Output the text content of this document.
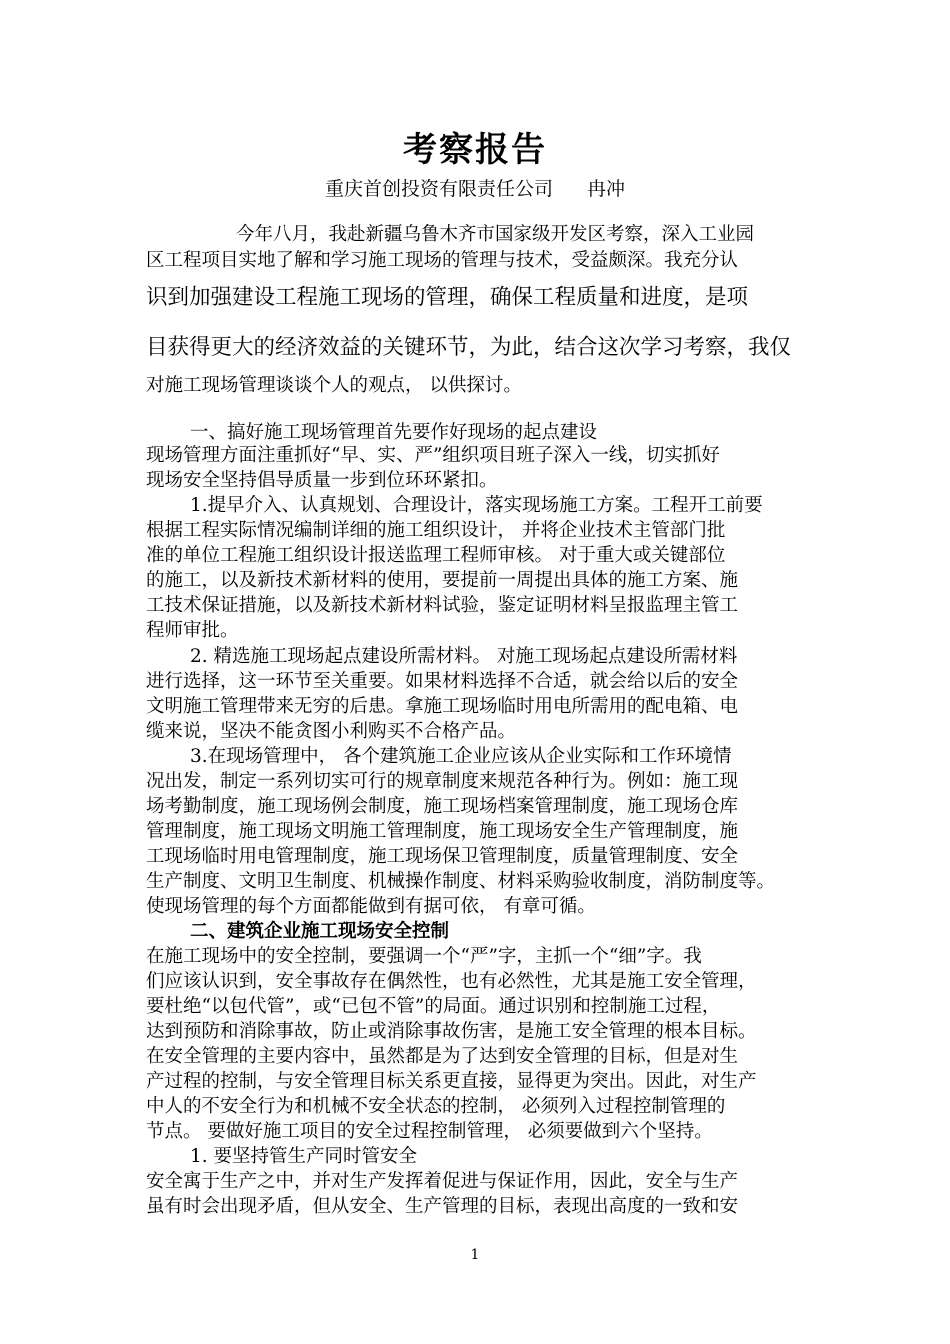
考察报告
重庆首创投资有限责任公司 冉冲
今年八月，我赴新疆乌鲁木齐市国家级开发区考察，深入工业园
区工程项目实地了解和学习施工现场的管理与技术，受益颇深。我充分认
识到加强建设工程施工现场的管理，确保工程质量和进度，是项
目获得更大的经济效益的关键环节，为此，结合这次学习考察，我仅
对施工现场管理谈谈个人的观点， 以供探讨。
一、搞好施工现场管理首先要作好现场的起点建设
现场管理方面注重抓好“早、实、严”组织项目班子深入一线，切实抓好
现场安全坚持倡导质量一步到位环环紧扣。
1.提早介入、认真规划、合理设计，落实现场施工方案。工程开工前要
根据工程实际情况编制详细的施工组织设计， 并将企业技术主管部门批
准的单位工程施工组织设计报送监理工程师审核。 对于重大或关键部位
的施工，以及新技术新材料的使用，要提前一周提出具体的施工方案、施
工技术保证措施，以及新技术新材料试验，鉴定证明材料呈报监理主管工
程师审批。
2. 精选施工现场起点建设所需材料。 对施工现场起点建设所需材料
进行选择，这一环节至关重要。如果材料选择不合适，就会给以后的安全
文明施工管理带来无穷的后患。拿施工现场临时用电所需用的配电箱、电
缆来说，坚决不能贪图小利购买不合格产品。
3.在现场管理中， 各个建筑施工企业应该从企业实际和工作环境情
况出发，制定一系列切实可行的规章制度来规范各种行为。例如：施工现
场考勤制度，施工现场例会制度，施工现场档案管理制度，施工现场仓库
管理制度，施工现场文明施工管理制度，施工现场安全生产管理制度，施
工现场临时用电管理制度，施工现场保卫管理制度，质量管理制度、安全
生产制度、文明卫生制度、机械操作制度、材料采购验收制度，消防制度等。
使现场管理的每个方面都能做到有据可依， 有章可循。
二、建筑企业施工现场安全控制
在施工现场中的安全控制，要强调一个“严”字，主抓一个“细”字。我
们应该认识到，安全事故存在偶然性，也有必然性，尤其是施工安全管理，
要杜绝“以包代管”，或“已包不管”的局面。通过识别和控制施工过程，
达到预防和消除事故，防止或消除事故伤害，是施工安全管理的根本目标。
在安全管理的主要内容中，虽然都是为了达到安全管理的目标，但是对生
产过程的控制，与安全管理目标关系更直接，显得更为突出。因此，对生产
中人的不安全行为和机械不安全状态的控制， 必须列入过程控制管理的
节点。 要做好施工项目的安全过程控制管理， 必须要做到六个坚持。
1. 要坚持管生产同时管安全
安全寓于生产之中，并对生产发挥着促进与保证作用，因此，安全与生产
虽有时会出现矛盾，但从安全、生产管理的目标，表现出高度的一致和安
1
